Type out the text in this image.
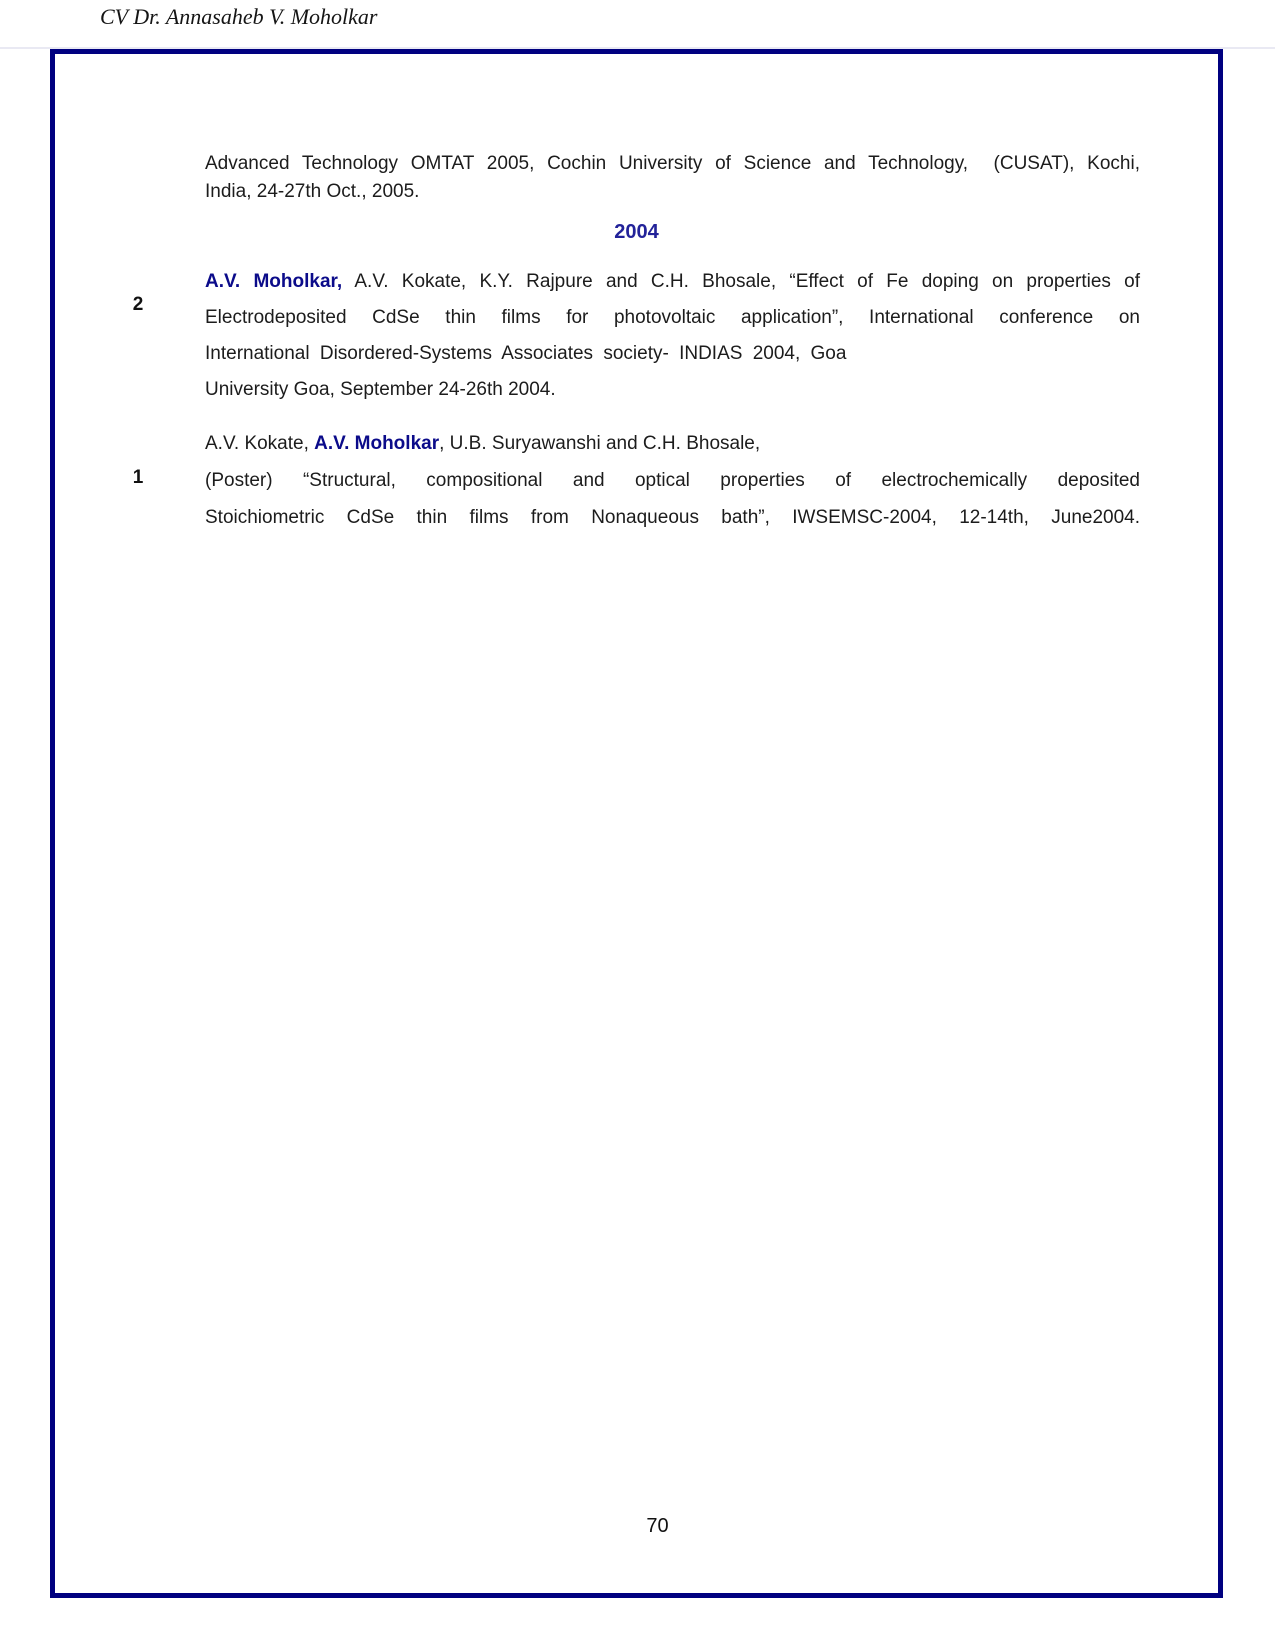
CV Dr. Annasaheb V. Moholkar
Advanced Technology OMTAT 2005, Cochin University of Science and Technology,  (CUSAT), Kochi,
India, 24-27th Oct., 2005.
2004
2
A.V. Moholkar, A.V. Kokate, K.Y. Rajpure and C.H. Bhosale, “Effect of Fe doping on properties of
Electrodeposited CdSe thin films for photovoltaic application”, International conference on
International Disordered-Systems Associates society- INDIAS 2004, Goa
University Goa, September 24-26th 2004.
1
A.V. Kokate, A.V. Moholkar, U.B. Suryawanshi and C.H. Bhosale,
(Poster) “Structural, compositional and optical properties of electrochemically deposited
Stoichiometric CdSe thin films from Nonaqueous bath”, IWSEMSC-2004, 12-14th, June2004.
70
